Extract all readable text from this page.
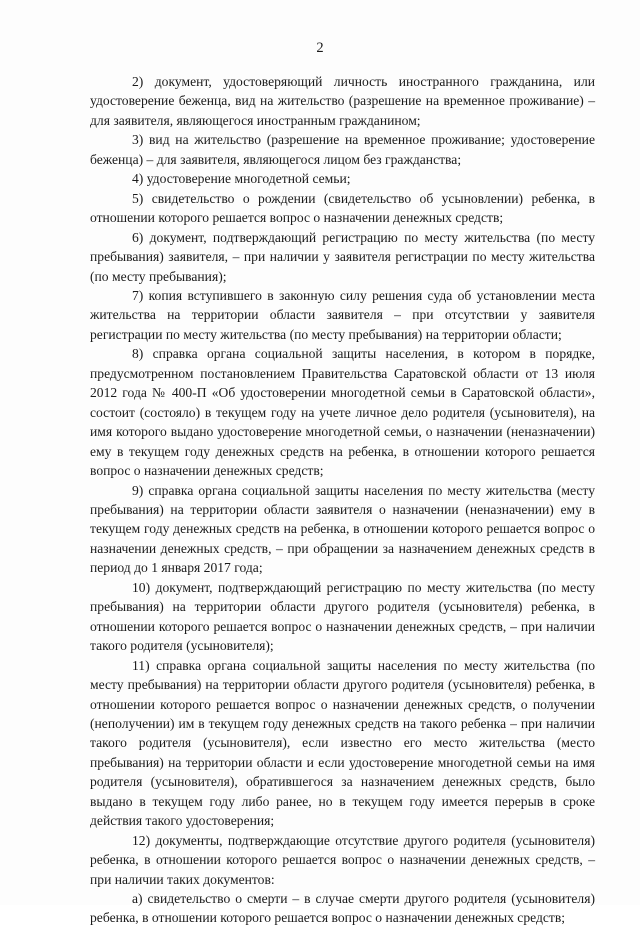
2

2) документ, удостоверяющий личность иностранного гражданина, или удостоверение беженца, вид на жительство (разрешение на временное проживание) – для заявителя, являющегося иностранным гражданином;

3) вид на жительство (разрешение на временное проживание; удостоверение беженца) – для заявителя, являющегося лицом без гражданства;

4) удостоверение многодетной семьи;

5) свидетельство о рождении (свидетельство об усыновлении) ребенка, в отношении которого решается вопрос о назначении денежных средств;

6) документ, подтверждающий регистрацию по месту жительства (по месту пребывания) заявителя, – при наличии у заявителя регистрации по месту жительства (по месту пребывания);

7) копия вступившего в законную силу решения суда об установлении места жительства на территории области заявителя – при отсутствии у заявителя регистрации по месту жительства (по месту пребывания) на территории области;

8) справка органа социальной защиты населения, в котором в порядке, предусмотренном постановлением Правительства Саратовской области от 13 июля 2012 года № 400-П «Об удостоверении многодетной семьи в Саратовской области», состоит (состояло) в текущем году на учете личное дело родителя (усыновителя), на имя которого выдано удостоверение многодетной семьи, о назначении (неназначении) ему в текущем году денежных средств на ребенка, в отношении которого решается вопрос о назначении денежных средств;

9) справка органа социальной защиты населения по месту жительства (месту пребывания) на территории области заявителя о назначении (неназначении) ему в текущем году денежных средств на ребенка, в отношении которого решается вопрос о назначении денежных средств, – при обращении за назначением денежных средств в период до 1 января 2017 года;

10) документ, подтверждающий регистрацию по месту жительства (по месту пребывания) на территории области другого родителя (усыновителя) ребенка, в отношении которого решается вопрос о назначении денежных средств, – при наличии такого родителя (усыновителя);

11) справка органа социальной защиты населения по месту жительства (по месту пребывания) на территории области другого родителя (усыновителя) ребенка, в отношении которого решается вопрос о назначении денежных средств, о получении (неполучении) им в текущем году денежных средств на такого ребенка – при наличии такого родителя (усыновителя), если известно его место жительства (место пребывания) на территории области и если удостоверение многодетной семьи на имя родителя (усыновителя), обратившегося за назначением денежных средств, было выдано в текущем году либо ранее, но в текущем году имеется перерыв в сроке действия такого удостоверения;

12) документы, подтверждающие отсутствие другого родителя (усыновителя) ребенка, в отношении которого решается вопрос о назначении денежных средств, – при наличии таких документов:

а) свидетельство о смерти – в случае смерти другого родителя (усыновителя) ребенка, в отношении которого решается вопрос о назначении денежных средств;
